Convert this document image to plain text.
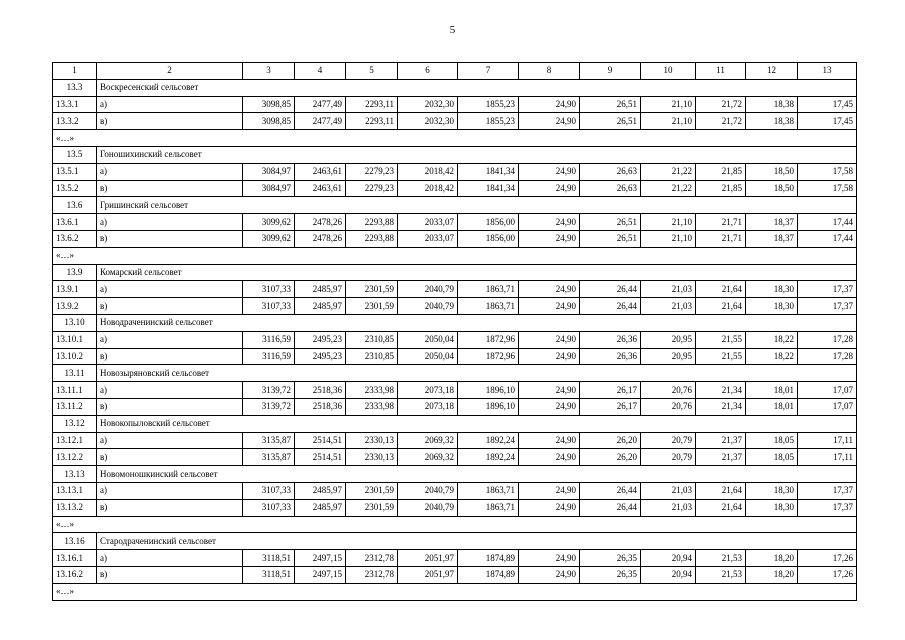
5
1	2	3	4	5	6	7	8	9	10	11	12	13
13.3	Воскресенский сельсовет											
13.3.1	а)	3098,85	2477,49	2293,11	2032,30	1855,23	24,90	26,51	21,10	21,72	18,38	17,45
13.3.2	в)	3098,85	2477,49	2293,11	2032,30	1855,23	24,90	26,51	21,10	21,72	18,38	17,45
«…»												
13.5	Гоношихинский сельсовет											
13.5.1	а)	3084,97	2463,61	2279,23	2018,42	1841,34	24,90	26,63	21,22	21,85	18,50	17,58
13.5.2	в)	3084,97	2463,61	2279,23	2018,42	1841,34	24,90	26,63	21,22	21,85	18,50	17,58
13.6	Гришинский сельсовет											
13.6.1	а)	3099,62	2478,26	2293,88	2033,07	1856,00	24,90	26,51	21,10	21,71	18,37	17,44
13.6.2	в)	3099,62	2478,26	2293,88	2033,07	1856,00	24,90	26,51	21,10	21,71	18,37	17,44
«…»												
13.9	Комарский сельсовет											
13.9.1	а)	3107,33	2485,97	2301,59	2040,79	1863,71	24,90	26,44	21,03	21,64	18,30	17,37
13.9.2	в)	3107,33	2485,97	2301,59	2040,79	1863,71	24,90	26,44	21,03	21,64	18,30	17,37
13.10	Новодраченинский сельсовет											
13.10.1	а)	3116,59	2495,23	2310,85	2050,04	1872,96	24,90	26,36	20,95	21,55	18,22	17,28
13.10.2	в)	3116,59	2495,23	2310,85	2050,04	1872,96	24,90	26,36	20,95	21,55	18,22	17,28
13.11	Новозыряновский сельсовет											
13.11.1	а)	3139,72	2518,36	2333,98	2073,18	1896,10	24,90	26,17	20,76	21,34	18,01	17,07
13.11.2	в)	3139,72	2518,36	2333,98	2073,18	1896,10	24,90	26,17	20,76	21,34	18,01	17,07
13.12	Новокопыловский сельсовет											
13.12.1	а)	3135,87	2514,51	2330,13	2069,32	1892,24	24,90	26,20	20,79	21,37	18,05	17,11
13.12.2	в)	3135,87	2514,51	2330,13	2069,32	1892,24	24,90	26,20	20,79	21,37	18,05	17,11
13.13	Новомоношкинский сельсовет											
13.13.1	а)	3107,33	2485,97	2301,59	2040,79	1863,71	24,90	26,44	21,03	21,64	18,30	17,37
13.13.2	в)	3107,33	2485,97	2301,59	2040,79	1863,71	24,90	26,44	21,03	21,64	18,30	17,37
«…»												
13.16	Стародраченинский сельсовет											
13.16.1	а)	3118,51	2497,15	2312,78	2051,97	1874,89	24,90	26,35	20,94	21,53	18,20	17,26
13.16.2	в)	3118,51	2497,15	2312,78	2051,97	1874,89	24,90	26,35	20,94	21,53	18,20	17,26
«…»												
